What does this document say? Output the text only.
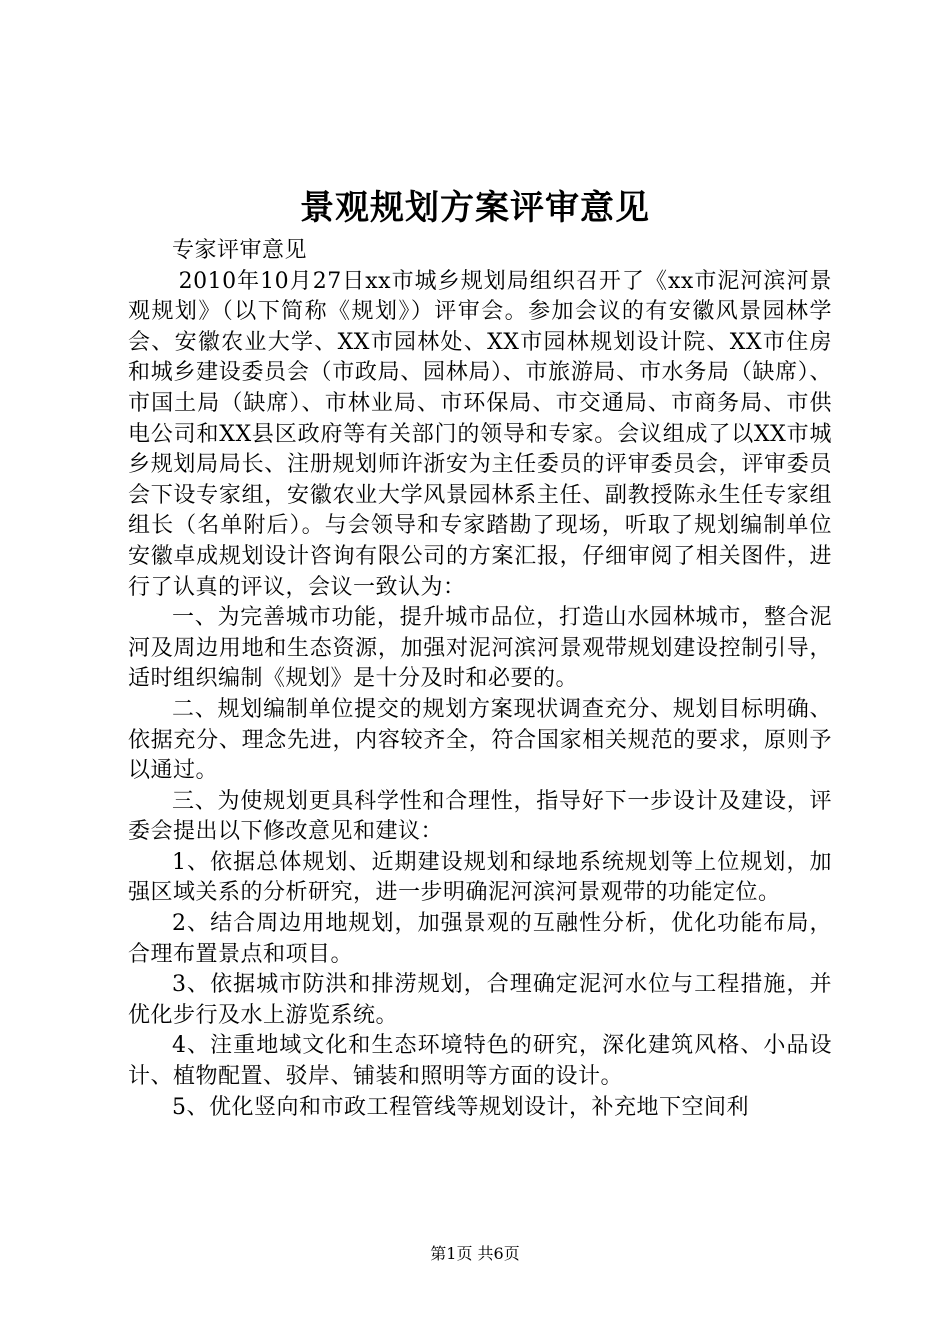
景观规划方案评审意见

专家评审意见

2010年10月27日xx市城乡规划局组织召开了《xx市泥河滨河景观规划》（以下简称《规划》）评审会。参加会议的有安徽风景园林学会、安徽农业大学、XX市园林处、XX市园林规划设计院、XX市住房和城乡建设委员会（市政局、园林局）、市旅游局、市水务局（缺席）、市国土局（缺席）、市林业局、市环保局、市交通局、市商务局、市供电公司和XX县区政府等有关部门的领导和专家。会议组成了以XX市城乡规划局局长、注册规划师许浙安为主任委员的评审委员会，评审委员会下设专家组，安徽农业大学风景园林系主任、副教授陈永生任专家组组长（名单附后）。与会领导和专家踏勘了现场，听取了规划编制单位安徽卓成规划设计咨询有限公司的方案汇报，仔细审阅了相关图件，进行了认真的评议，会议一致认为：

一、为完善城市功能，提升城市品位，打造山水园林城市，整合泥河及周边用地和生态资源，加强对泥河滨河景观带规划建设控制引导，适时组织编制《规划》是十分及时和必要的。

二、规划编制单位提交的规划方案现状调查充分、规划目标明确、依据充分、理念先进，内容较齐全，符合国家相关规范的要求，原则予以通过。

三、为使规划更具科学性和合理性，指导好下一步设计及建设，评委会提出以下修改意见和建议：

1、依据总体规划、近期建设规划和绿地系统规划等上位规划，加强区域关系的分析研究，进一步明确泥河滨河景观带的功能定位。

2、结合周边用地规划，加强景观的互融性分析，优化功能布局，合理布置景点和项目。

3、依据城市防洪和排涝规划，合理确定泥河水位与工程措施，并优化步行及水上游览系统。

4、注重地域文化和生态环境特色的研究，深化建筑风格、小品设计、植物配置、驳岸、铺装和照明等方面的设计。

5、优化竖向和市政工程管线等规划设计，补充地下空间利

第1页 共6页
